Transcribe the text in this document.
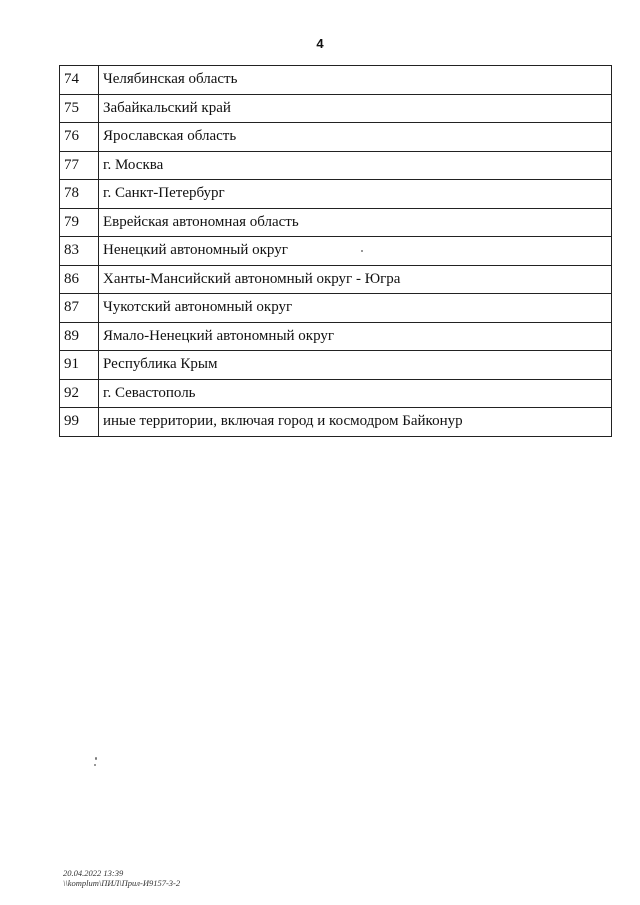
4
74	Челябинская область
75	Забайкальский край
76	Ярославская область
77	г. Москва
78	г. Санкт-Петербург
79	Еврейская автономная область
83	Ненецкий автономный округ
86	Ханты-Мансийский автономный округ - Югра
87	Чукотский автономный округ
89	Ямало-Ненецкий автономный округ
91	Республика Крым
92	г. Севастополь
99	иные территории, включая город и космодром Байконур
20.04.2022 13:39
\\komplum\ПИЛ\Прил-И9157-3-2
